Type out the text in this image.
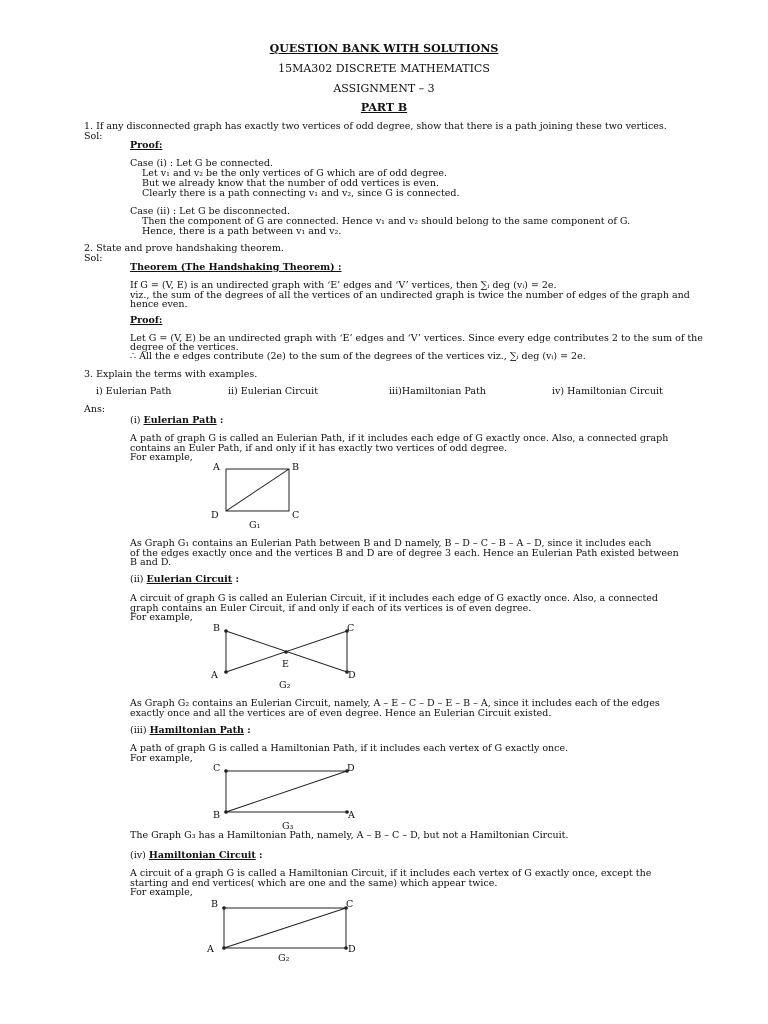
QUESTION BANK WITH SOLUTIONS
15MA302 DISCRETE MATHEMATICS
ASSIGNMENT – 3
PART B
1. If any disconnected graph has exactly two vertices of odd degree, show that there is a path joining these two vertices.
Sol:
Proof:
Case (i) : Let G be connected.
Let v₁ and v₂ be the only vertices of G which are of odd degree.
But we already know that the number of odd vertices is even.
Clearly there is a path connecting v₁ and v₂, since G is connected.
Case (ii) : Let G be disconnected.
Then the component of G are connected. Hence v₁ and v₂ should belong to the same component of G.
Hence, there is a path between v₁ and v₂.
2. State and prove handshaking theorem.
Sol:
Theorem (The Handshaking Theorem) :
If G = (V, E) is an undirected graph with ‘E’ edges and ‘V’ vertices, then ∑ᵢ deg (vᵢ) = 2e.
viz., the sum of the degrees of all the vertices of an undirected graph is twice the number of edges of the graph and
hence even.
Proof:
Let G = (V, E) be an undirected graph with ‘E’ edges and ‘V’ vertices. Since every edge contributes 2 to the sum of the
degree of the vertices.
∴ All the e edges contribute (2e) to the sum of the degrees of the vertices viz., ∑ᵢ deg (vᵢ) = 2e.
3. Explain the terms with examples.
i) Eulerian Path	ii) Eulerian Circuit	iii)Hamiltonian Path	iv) Hamiltonian Circuit
Ans:
(i) Eulerian Path :
A path of graph G is called an Eulerian Path, if it includes each edge of G exactly once. Also, a connected graph
contains an Euler Path, if and only if it has exactly two vertices of odd degree.
For example,
A	B
C
D
G₁
As Graph G₁ contains an Eulerian Path between B and D namely, B – D – C – B – A – D, since it includes each
of the edges exactly once and the vertices B and D are of degree 3 each. Hence an Eulerian Path existed between
B and D.
(ii) Eulerian Circuit :
A circuit of graph G is called an Eulerian Circuit, if it includes each edge of G exactly once. Also, a connected
graph contains an Euler Circuit, if and only if each of its vertices is of even degree.
For example,
B	C
A	D
E
G₂
As Graph G₂ contains an Eulerian Circuit, namely, A – E – C – D – E – B – A, since it includes each of the edges
exactly once and all the vertices are of even degree. Hence an Eulerian Circuit existed.
(iii) Hamiltonian Path :
A path of graph G is called a Hamiltonian Path, if it includes each vertex of G exactly once.
For example,
C	D
B	A
G₃
The Graph G₃ has a Hamiltonian Path, namely, A – B – C – D, but not a Hamiltonian Circuit.
(iv) Hamiltonian Circuit :
A circuit of a graph G is called a Hamiltonian Circuit, if it includes each vertex of G exactly once, except the
starting and end vertices( which are one and the same) which appear twice.
For example,
B	C
A	D
G₂
